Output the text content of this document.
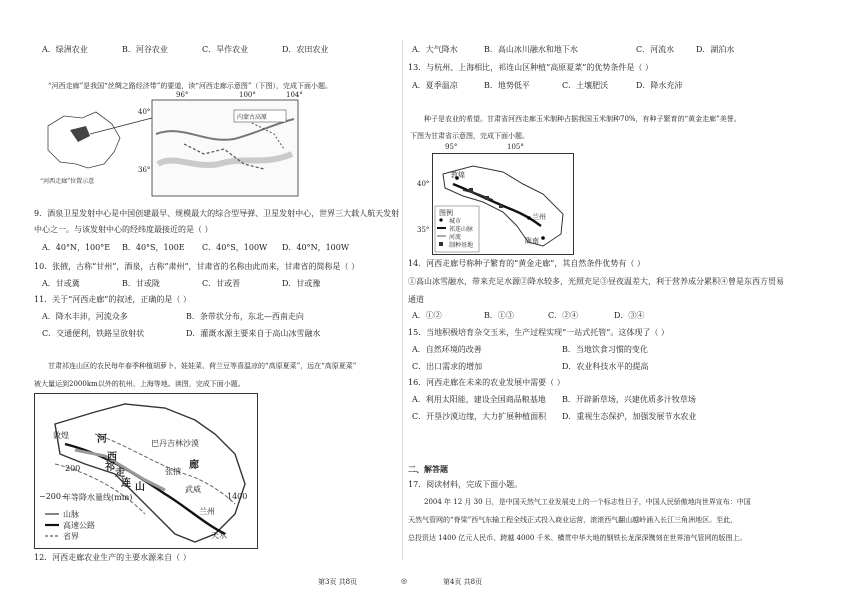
A．绿洲农业	B．河谷农业	C．旱作农业	D．农田农业
“河西走廊”是我国“丝绸之路经济带”的要道，读“河西走廊示意图”（下图），完成下面小题。
96°	100°	104°
40°
36°
内蒙古高原
“河西走廊”位置示意
9．酒泉卫星发射中心是中国创建最早、规模最大的综合型导弹、卫星发射中心，世界三大载人航天发射中心之一。与该发射中心的经纬度最接近的是（ ）
A．40°N，100°E B．40°S，100E C．40°S，100W D．40°N，100W
10．张掖，古称“甘州”，酒泉，古称“肃州”，甘肃省的名称由此而来，甘肃省的简称是（ ）
A．甘或冀	B．甘或陇	C．甘或晋	D．甘或豫
11．关于“河西走廊”的叙述，正确的是（ ）
A．降水丰沛，河流众多	B．条带状分布，东北—西南走向
C．交通便利，铁路呈放射状	D．灌溉水源主要来自于高山冰雪融水
甘肃祁连山区的农民每年春季种植胡萝卜、娃娃菜、荷兰豆等喜温凉的“高原夏菜”，远在“高原夏菜”
被大量运到2000km以外的杭州、上海等地。读图，完成下面小题。
敦煌
巴丹吉林沙漠
河
西
走
廊
祁
连 山
张掖
武威
兰州
天水
200
1400
~200~
年等降水量线(mm)
山脉
高速公路
省界
12．河西走廊农业生产的主要水源来自（ ）
A．大气降水	B．高山冰川融水和地下水	C．河流水	D．湖泊水
13．与杭州、上海相比，祁连山区种植“高原夏菜”的优势条件是（ ）
A．夏季温凉	B．地势低平	C．土壤肥沃	D．降水充沛
种子是农业的希望。甘肃省河西走廊玉米制种占据我国玉米制种70%，有种子繁育的“黄金走廊”美誉。
下图为甘肃省示意图，完成下面小题。
95°	105°
40°
35°
敦煌
兰州
陇南
图例
城市
祁连山脉
河流
制种基地
14．河西走廊号称种子繁育的“黄金走廊”，其自然条件优势有（ ）
①高山冰雪融水，带来充足水源②降水较多，光照充足③昼夜温差大，利于营养成分累积④曾是东西方贸易
通道
A．①②	B．①③	C．②④	D．③④
15．当地积极培育杂交玉米，生产过程实现“一站式托管”。这体现了（ ）
A．自然环境的改善	B．当地饮食习惯的变化
C．出口需求的增加	D．农业科技水平的提高
16．河西走廊在未来的农业发展中需要（ ）
A．利用太阳能，建设全国商品粮基地 B．开辟新草场，兴建优质多汁牧草场
C．开垦沙漠边缘，大力扩展种植面积 D．重视生态保护，加强发展节水农业
二、解答题
17．阅读材料，完成下面小题。
2004 年 12 月 30 日，是中国天然气工业发展史上的一个标志性日子，中国人民骄傲地向世界宣布：中国
天然气管网的“脊梁”西气东输工程全线正式投入商业运营，滚滚西气翻山越岭涌入长江三角洲地区。至此，
总投资达 1400 亿元人民币、跨越 4000 千米、横贯中华大地的钢铁长龙深深镌刻在世界油气管网的版图上。
第3页 共8页	◎	第4页 共8页
